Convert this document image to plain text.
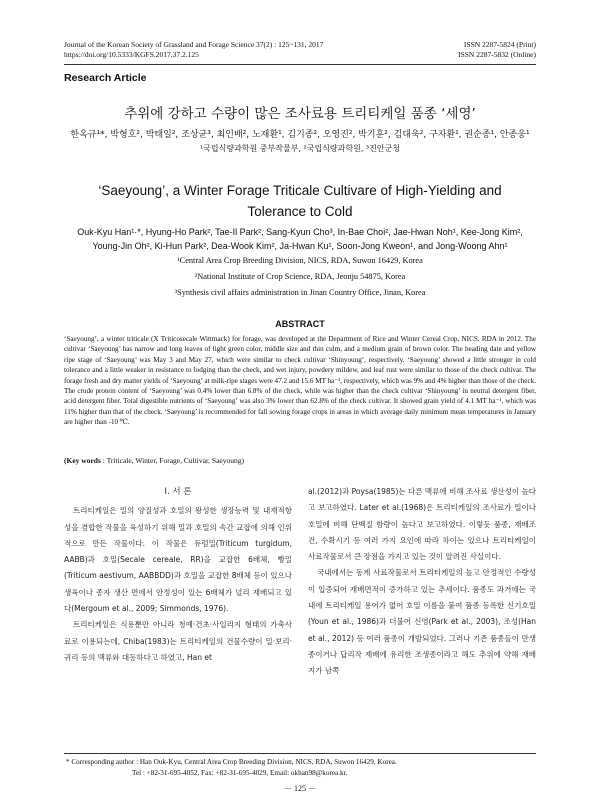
Journal of the Korean Society of Grassland and Forage Science 37(2) : 125~131, 2017
https://doi.org/10.5333/KGFS.2017.37.2.125
ISSN 2287-5824 (Print)
ISSN 2287-5832 (Online)
Research Article
추위에 강하고 수량이 많은 조사료용 트리티케일 품종 ‘세영’
한옥규¹*, 박형호², 박태일², 조상균³, 최인배², 노재환¹, 김기종², 오영진², 박기훈², 김대욱², 구자환¹, 권순종¹, 안종웅¹
¹국립식량과학원 중부작물부, ²국립식량과학원, ³진안군청
‘Saeyoung’, a Winter Forage Triticale Cultivare of High-Yielding and
Tolerance to Cold
Ouk-Kyu Han¹·*, Hyung-Ho Park², Tae-Il Park², Sang-Kyun Cho³, In-Bae Choi², Jae-Hwan Noh¹, Kee-Jong Kim²,
Young-Jin Oh², Ki-Hun Park², Dea-Wook Kim², Ja-Hwan Ku¹, Soon-Jong Kweon¹, and Jong-Woong Ahn¹
¹Central Area Crop Breeding Division, NICS, RDA, Suwon 16429, Korea
²National Institute of Crop Science, RDA, Jeonju 54875, Korea
³Synthesis civil affairs administration in Jinan Country Office, Jinan, Korea
ABSTRACT
‘Saeyoung’, a winter triticale (X Triticosecale Wittmack) for forage, was developed at the Department of Rice and Winter Cereal Crop, NICS, RDA in 2012. The cultivar ‘Saeyoung’ has narrow and long leaves of light green color, middle size and thin culm, and a medium grain of brown color. The heading date and yellow ripe stage of ‘Saeyoung’ was May 3 and May 27, which were similar to check cultivar ‘Shinyoung’, respectively. ‘Saeyoung’ showed a little stronger in cold tolerance and a little weaker in resistance to lodging than the check, and wet injury, powdery mildew, and leaf rust were similar to those of the check cultivar. The forage fresh and dry matter yields of ‘Saeyoung’ at milk-ripe stages were 47.2 and 15.6 MT ha⁻¹, respectively, which was 9% and 4% higher than those of the check. The crude protein content of ‘Saeyoung’ was 0.4% lower than 6.8% of the check, while was higher than the check cultivar ‘Shinyoung’ in neutral detergent fiber, acid detergent fiber. Total digestible nutrients of ‘Saeyoung’ was also 3% lower than 62.8% of the check cultivar. It showed grain yield of 4.1 MT ha⁻¹, which was 11% higher than that of the check. ‘Saeyoung’ is recommended for fall sowing forage crops in areas in which average daily minimum mean temperatures in January are higher than -10 ℃.
(Key words : Triticale, Winter, Forage, Cultivar, Saeyoung)
Ⅰ. 서 론

트리티케일은 밀의 양질성과 호밀의 왕성한 생장능력 및 내재적항성을 겸합한 작물을 육성하기 위해 밀과 호밀의 속간 교잡에 의해 인위적으로 만든 작물이다. 이 작물은 듀럼밀(Triticum turgidum, AABB)과 호밀(Secale cereale, RR)을 교잡한 6배체, 빵밀(Triticum aestivum, AABBDD)과 호밀을 교잡한 8배체 등이 있으나 생육이나 종자 생산 면에서 안정성이 있는 6배체가 널리 재배되고 있다(Mergoum et al., 2009; Simmonds, 1976).

트리티케일은 식용뿐만 아니라 청예·건초·사일리지 형태의 가축사료로 이용되는데, Chiba(1983)는 트리티케일의 건물수량이 밀·보리·귀리 등의 맥류와 대등하다고 하였고, Han et

al.(2012)과 Poysa(1985)는 다른 맥류에 비해 조사료 생산성이 높다고 보고하였다. Later et al.(1968)은 트리티케일의 조사료가 밀이나 호밀에 비해 단백질 함량이 높다고 보고하였다. 이렇듯 품종, 재배조건, 수확시기 등 여러 가지 요인에 따라 차이는 있으나 트리티케일이 사료작물로서 큰 장점을 가지고 있는 것이 알려진 사실이다.

국내에서는 동계 사료작물로서 트리티케일의 높고 안정적인 수량성이 입증되어 재배면적이 증가하고 있는 추세이다. 품종도 과거에는 국내에 트리티케일 용어가 없어 호밀 이름을 붙여 품종 등록한 신기호밀(Youn et al., 1986)과 더불어 신영(Park et al., 2003), 조성(Han et al., 2012) 등 여러 품종이 개발되었다. 그러나 기존 품종들이 만생종이거나 답리작 재배에 유리한 조생종이라고 해도 추위에 약해 재배지가 남쪽

* Corresponding author : Han Ouk-Kyu, Central Area Crop Breeding Division, NICS, RDA, Suwon 16429, Korea.
Tel : +82-31-695-4052, Fax: +82-31-695-4029, Email: okhan98@korea.kr.
－ 125 －
